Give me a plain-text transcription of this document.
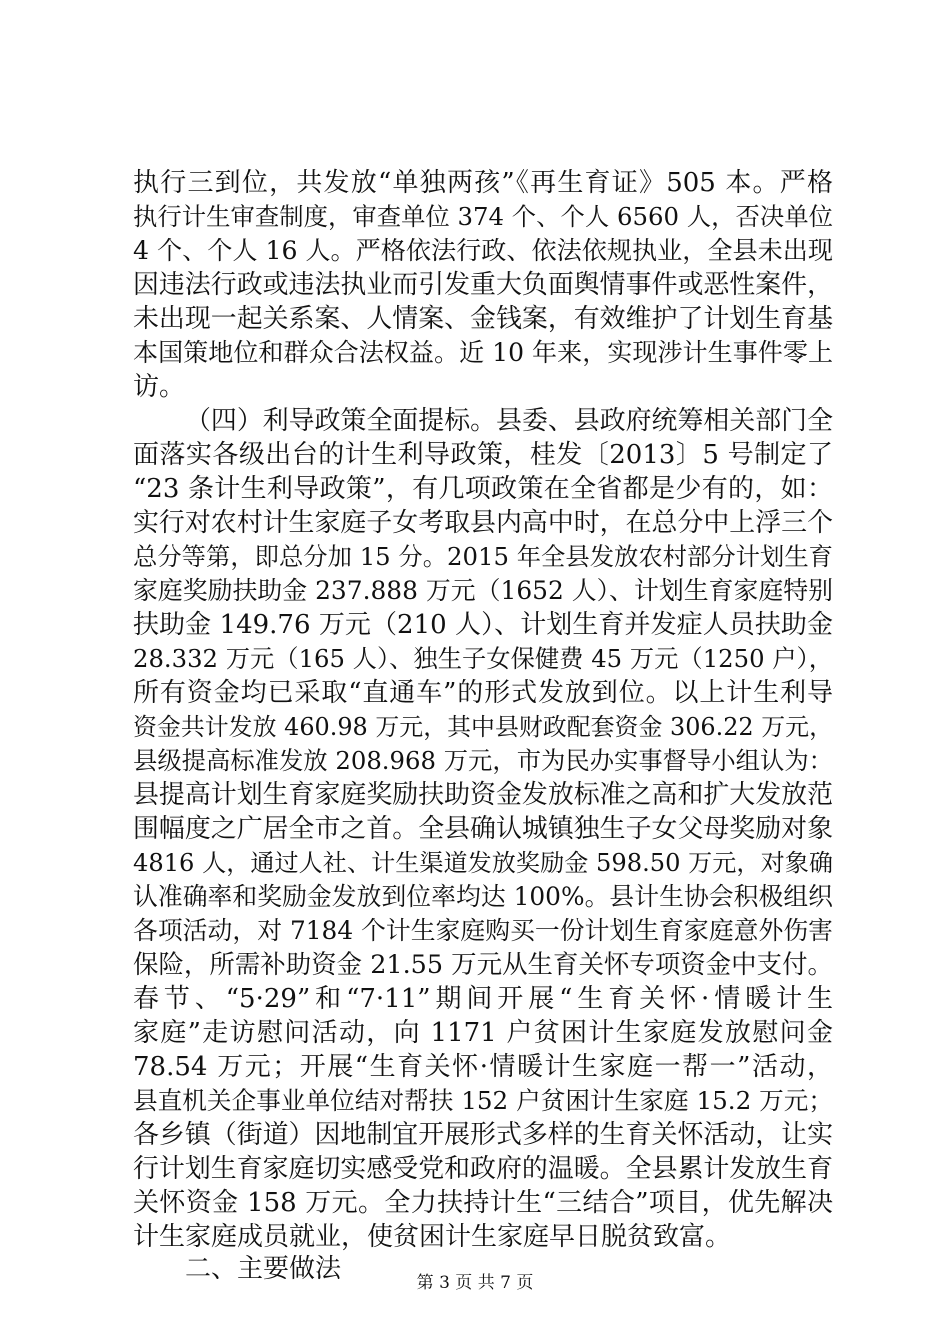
执行三到位，共发放“单独两孩”《再生育证》505 本。严格
执行计生审查制度，审查单位 374 个、个人 6560 人，否决单位
4 个、个人 16 人。严格依法行政、依法依规执业，全县未出现
因违法行政或违法执业而引发重大负面舆情事件或恶性案件，
未出现一起关系案、人情案、金钱案，有效维护了计划生育基
本国策地位和群众合法权益。近 10 年来，实现涉计生事件零上
访。
（四）利导政策全面提标。县委、县政府统筹相关部门全
面落实各级出台的计生利导政策，桂发〔2013〕5 号制定了
“23 条计生利导政策”，有几项政策在全省都是少有的，如：
实行对农村计生家庭子女考取县内高中时，在总分中上浮三个
总分等第，即总分加 15 分。2015 年全县发放农村部分计划生育
家庭奖励扶助金 237.888 万元（1652 人）、计划生育家庭特别
扶助金 149.76 万元（210 人）、计划生育并发症人员扶助金
28.332 万元（165 人）、独生子女保健费 45 万元（1250 户），
所有资金均已采取“直通车”的形式发放到位。以上计生利导
资金共计发放 460.98 万元，其中县财政配套资金 306.22 万元，
县级提高标准发放 208.968 万元，市为民办实事督导小组认为：
县提高计划生育家庭奖励扶助资金发放标准之高和扩大发放范
围幅度之广居全市之首。全县确认城镇独生子女父母奖励对象
4816 人，通过人社、计生渠道发放奖励金 598.50 万元，对象确
认准确率和奖励金发放到位率均达 100%。县计生协会积极组织
各项活动，对 7184 个计生家庭购买一份计划生育家庭意外伤害
保险，所需补助资金 21.55 万元从生育关怀专项资金中支付。
春节、“5·29”和“7·11”期间开展“生育关怀·情暖计生
家庭”走访慰问活动，向 1171 户贫困计生家庭发放慰问金
78.54 万元；开展“生育关怀·情暖计生家庭一帮一”活动，
县直机关企事业单位结对帮扶 152 户贫困计生家庭 15.2 万元；
各乡镇（街道）因地制宜开展形式多样的生育关怀活动，让实
行计划生育家庭切实感受党和政府的温暖。全县累计发放生育
关怀资金 158 万元。全力扶持计生“三结合”项目，优先解决
计生家庭成员就业，使贫困计生家庭早日脱贫致富。
二、主要做法	第 3 页 共 7 页
